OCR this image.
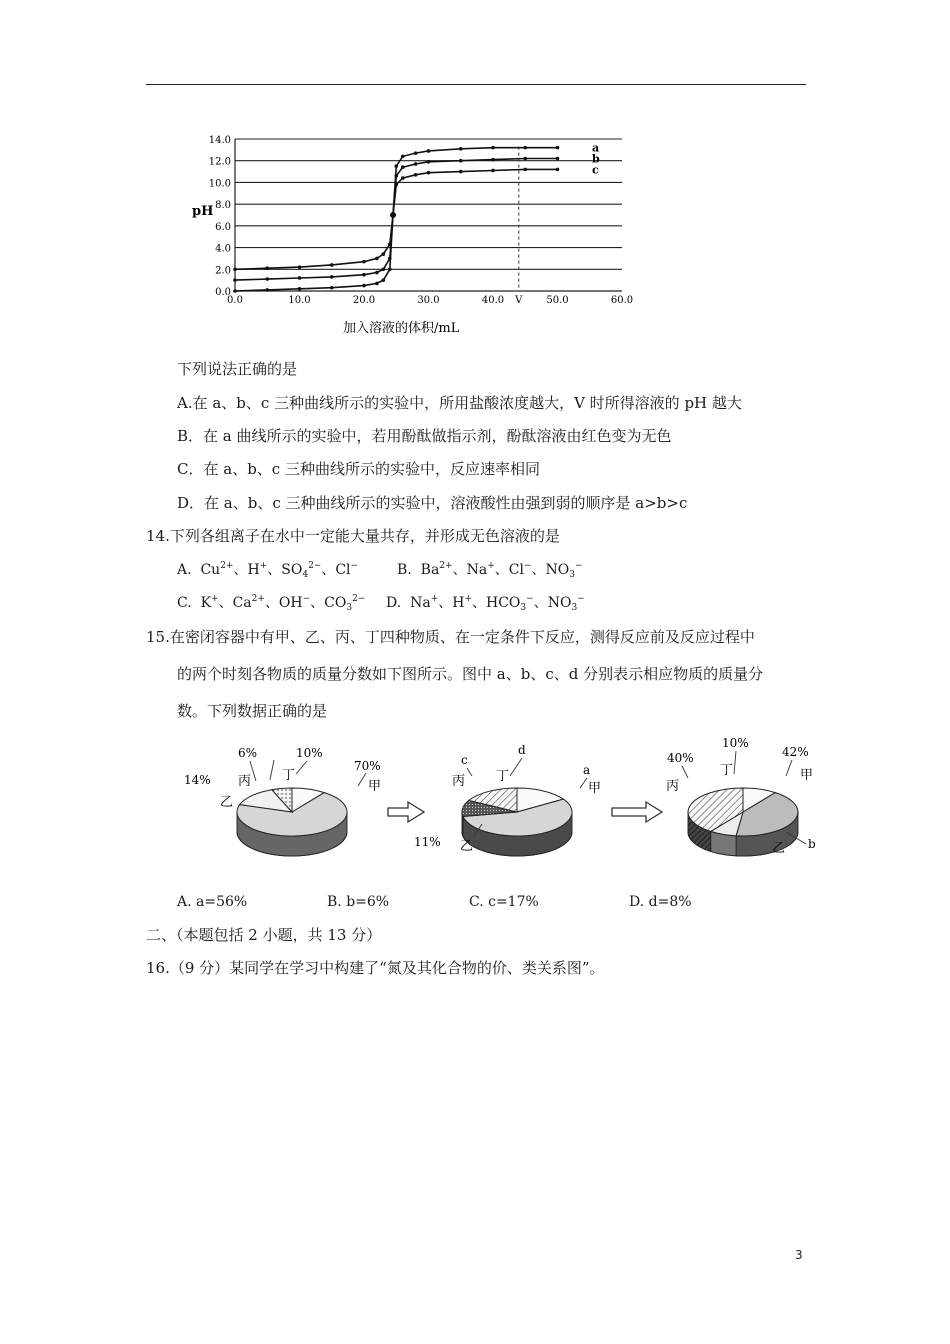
0.0
2.0
4.0
6.0
8.0
10.0
12.0
14.0
0.0	10.0	20.0	30.0	40.0	50.0	60.0
V
a
b
c
pH
加入溶液的体积/mL
下列说法正确的是
A.在 a、b、c 三种曲线所示的实验中，所用盐酸浓度越大，V 时所得溶液的 pH 越大
B．在 a 曲线所示的实验中，若用酚酞做指示剂，酚酞溶液由红色变为无色
C．在 a、b、c 三种曲线所示的实验中，反应速率相同
D．在 a、b、c 三种曲线所示的实验中，溶液酸性由强到弱的顺序是 a>b>c
14.下列各组离子在水中一定能大量共存，并形成无色溶液的是
A. $Cu^{2+}$、H+、$SO_4^{2-}$、Cl−	B. $Ba^{2+}$、Na+、Cl−、$NO_3^-$
C. K+、$Ca^{2+}$、OH−、$CO_3^{2-}$ D. Na+、H+、$HCO_3^-$、$NO_3^-$
15.在密闭容器中有甲、乙、丙、丁四种物质、在一定条件下反应，测得反应前及反应过程中
的两个时刻各物质的质量分数如下图所示。图中 a、b、c、d 分别表示相应物质的质量分
数。下列数据正确的是
6%	10%
70%
14% 丙 丁
甲
乙
c
d
a
11%
丙 丁
甲
乙
10%
40%	42%
b
丙
丁	甲
乙
A. a=56%	B. b=6%	C. c=17%	D. d=8%
二、（本题包括 2 小题，共 13 分）
16.（9 分）某同学在学习中构建了“氮及其化合物的价、类关系图”。
3
